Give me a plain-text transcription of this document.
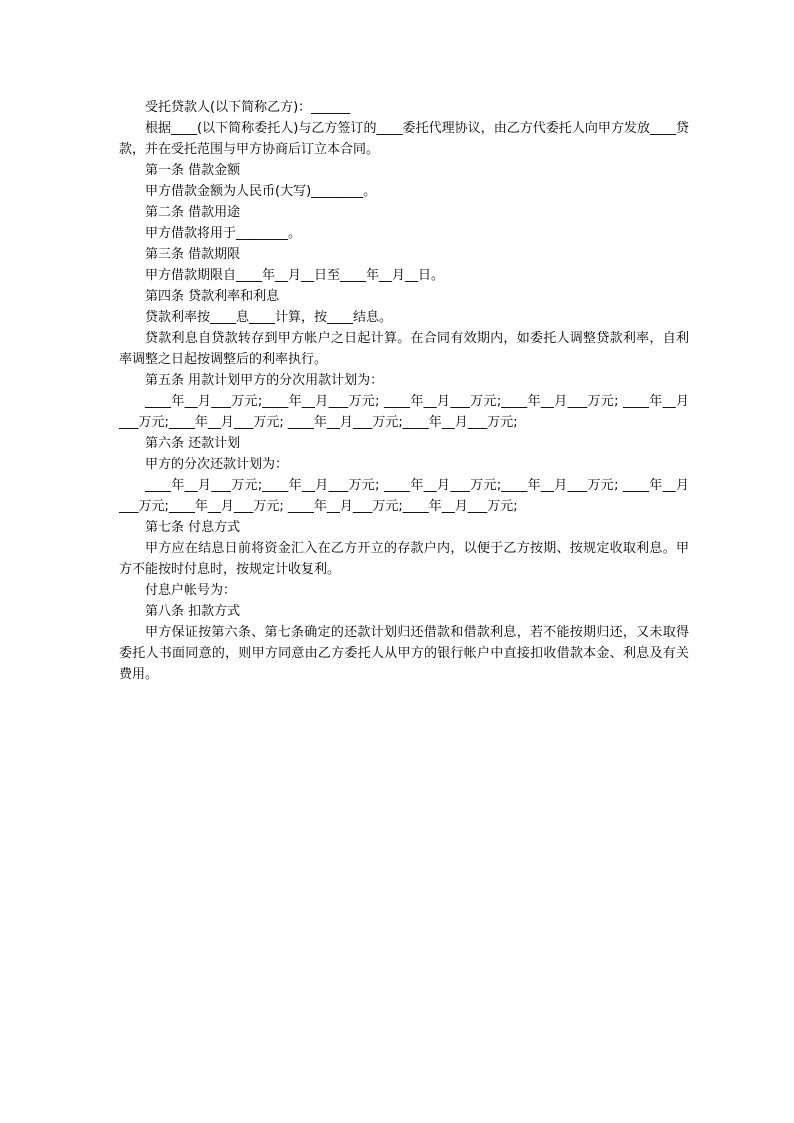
受托贷款人(以下简称乙方)：______

根据____(以下简称委托人)与乙方签订的____委托代理协议，由乙方代委托人向甲方发放____贷款，并在受托范围与甲方协商后订立本合同。

第一条 借款金额

甲方借款金额为人民币(大写)________。

第二条 借款用途

甲方借款将用于________。

第三条 借款期限

甲方借款期限自____年__月__日至____年__月__日。

第四条 贷款利率和利息

贷款利率按____息____计算，按____结息。

贷款利息自贷款转存到甲方帐户之日起计算。在合同有效期内，如委托人调整贷款利率，自利率调整之日起按调整后的利率执行。

第五条 用款计划甲方的分次用款计划为：

____年__月___万元;____年__月___万元; ____年__月___万元;____年__月___万元; ____年__月___万元;____年__月___万元; ____年__月___万元;____年__月___万元;

第六条 还款计划

甲方的分次还款计划为：

____年__月___万元;____年__月___万元; ____年__月___万元;____年__月___万元; ____年__月___万元;____年__月___万元; ____年__月___万元;____年__月___万元;

第七条 付息方式

甲方应在结息日前将资金汇入在乙方开立的存款户内，以便于乙方按期、按规定收取利息。甲方不能按时付息时，按规定计收复利。

付息户帐号为：

第八条 扣款方式

甲方保证按第六条、第七条确定的还款计划归还借款和借款利息，若不能按期归还，又未取得委托人书面同意的，则甲方同意由乙方委托人从甲方的银行帐户中直接扣收借款本金、利息及有关费用。
